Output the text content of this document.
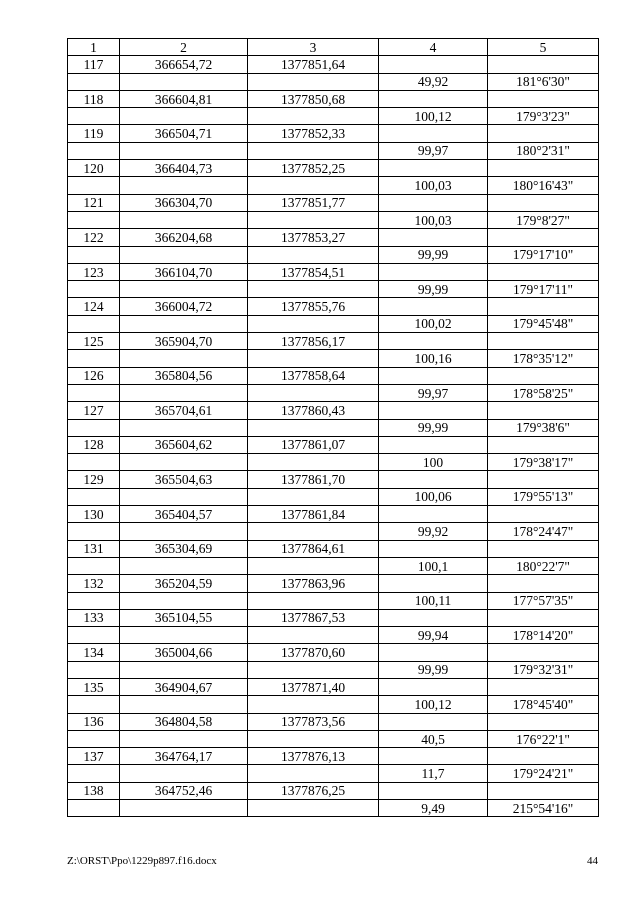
1	2	3	4	5
117	366654,72	1377851,64		
			49,92	181°6'30"
118	366604,81	1377850,68		
			100,12	179°3'23"
119	366504,71	1377852,33		
			99,97	180°2'31"
120	366404,73	1377852,25		
			100,03	180°16'43"
121	366304,70	1377851,77		
			100,03	179°8'27"
122	366204,68	1377853,27		
			99,99	179°17'10"
123	366104,70	1377854,51		
			99,99	179°17'11"
124	366004,72	1377855,76		
			100,02	179°45'48"
125	365904,70	1377856,17		
			100,16	178°35'12"
126	365804,56	1377858,64		
			99,97	178°58'25"
127	365704,61	1377860,43		
			99,99	179°38'6"
128	365604,62	1377861,07		
			100	179°38'17"
129	365504,63	1377861,70		
			100,06	179°55'13"
130	365404,57	1377861,84		
			99,92	178°24'47"
131	365304,69	1377864,61		
			100,1	180°22'7"
132	365204,59	1377863,96		
			100,11	177°57'35"
133	365104,55	1377867,53		
			99,94	178°14'20"
134	365004,66	1377870,60		
			99,99	179°32'31"
135	364904,67	1377871,40		
			100,12	178°45'40"
136	364804,58	1377873,56		
			40,5	176°22'1"
137	364764,17	1377876,13		
			11,7	179°24'21"
138	364752,46	1377876,25		
			9,49	215°54'16"
Z:\ORST\Ppo\1229p897.f16.docx	44
